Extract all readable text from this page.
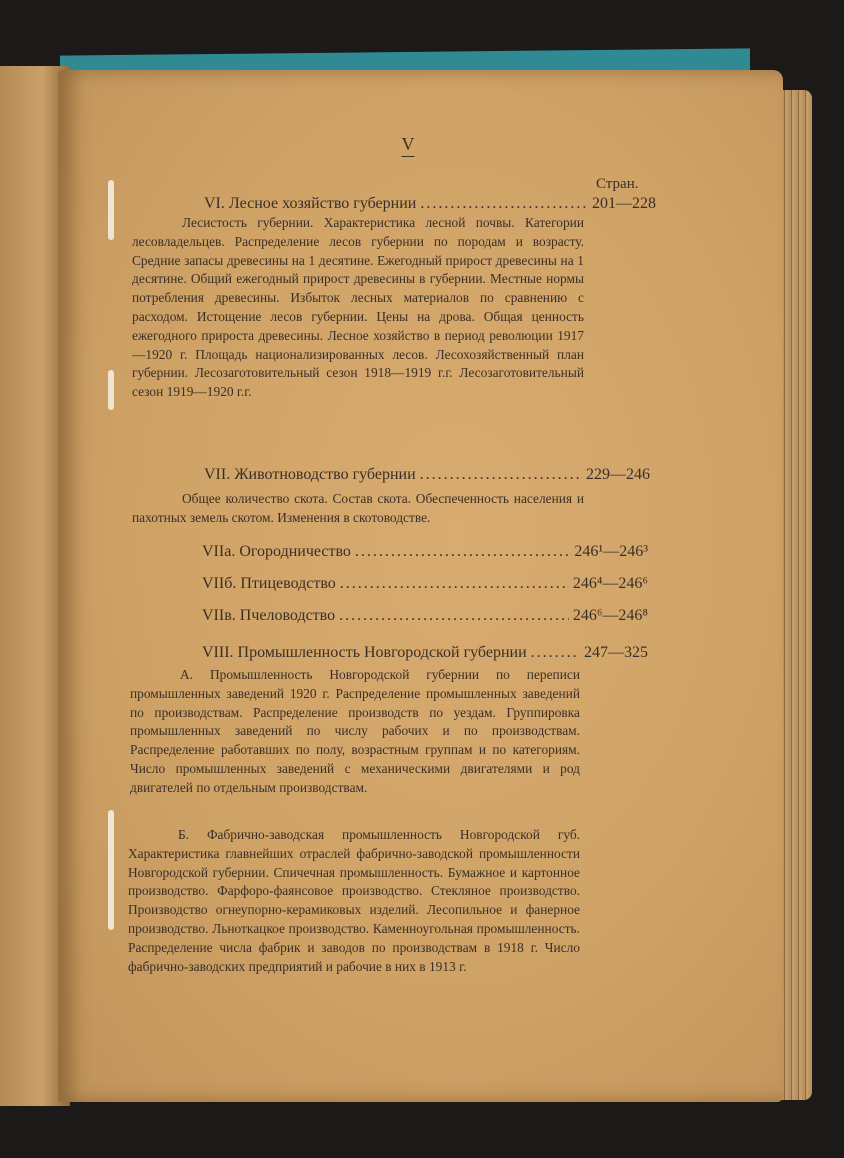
V
Стран.
VI. Лесное хозяйство губернии .....	201—228

Лесистость губернии. Характеристика лесной почвы. Категории лесовладельцев. Распределение лесов губернии по породам и возрасту. Средние запасы древесины на 1 десятине. Ежегодный прирост древесины на 1 десятине. Общий ежегодный прирост древесины в губернии. Местные нормы потребления древесины. Избыток лесных материалов по сравнению с расходом. Истощение лесов губернии. Цены на дрова. Общая ценность ежегодного прироста древесины. Лесное хозяйство в период революции 1917—1920 г. Площадь национализированных лесов. Лесохозяйственный план губернии. Лесозаготовительный сезон 1918—1919 г.г. Лесозаготовительный сезон 1919—1920 г.г.

VII. Животноводство губернии .....	229—246

Общее количество скота. Состав скота. Обеспеченность населения и пахотных земель скотом. Изменения в скотоводстве.

VIIа. Огородничество .....	246¹—246³
VIIб. Птицеводство .....	246⁴—246⁶
VIIв. Пчеловодство .....	246⁶—246⁸
VIII. Промышленность Новгородской губернии .....	247—325

А. Промышленность Новгородской губернии по переписи промышленных заведений 1920 г. Распределение промышленных заведений по производствам. Распределение производств по уездам. Группировка промышленных заведений по числу рабочих и по производствам. Распределение работавших по полу, возрастным группам и по категориям. Число промышленных заведений с механическими двигателями и род двигателей по отдельным производствам.

Б. Фабрично-заводская промышленность Новгородской губ. Характеристика главнейших отраслей фабрично-заводской промышленности Новгородской губернии. Спичечная промышленность. Бумажное и картонное производство. Фарфоро-фаянсовое производство. Стекляное производство. Производство огнеупорно-керамиковых изделий. Лесопильное и фанерное производство. Льноткацкое производство. Каменноугольная промышленность. Распределение числа фабрик и заводов по производствам в 1918 г. Число фабрично-заводских предприятий и рабочие в них в 1913 г.
